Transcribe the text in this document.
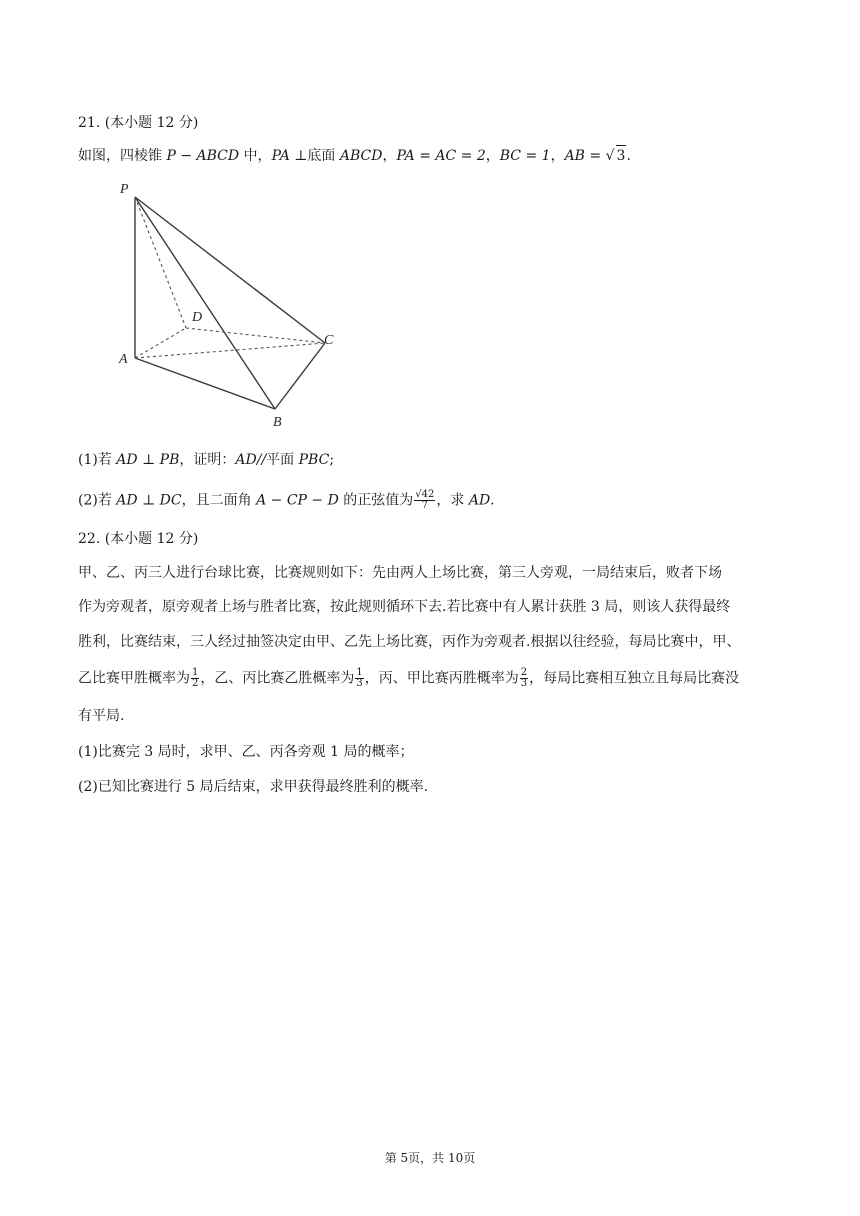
21. (本小题 12 分)
如图，四棱锥 P − ABCD 中，PA ⊥底面 ABCD，PA = AC = 2，BC = 1，AB = √ 3.
P
D
C
A
B
(1)若 AD ⊥ PB，证明：AD//平面 PBC;
(2)若 AD ⊥ DC，且二面角 A − CP − D 的正弦值为 $\frac{√42}{7}$ ，求 AD.
22. (本小题 12 分)
甲、乙、丙三人进行台球比赛，比赛规则如下：先由两人上场比赛，第三人旁观，一局结束后，败者下场
作为旁观者，原旁观者上场与胜者比赛，按此规则循环下去.若比赛中有人累计获胜 3 局，则该人获得最终
胜利，比赛结束，三人经过抽签决定由甲、乙先上场比赛，丙作为旁观者.根据以往经验，每局比赛中，甲、
乙比赛甲胜概率为 $\frac{1}{2}$ ，乙、丙比赛乙胜概率为 $\frac{1}{3}$ ，丙、甲比赛丙胜概率为 $\frac{2}{3}$ ，每局比赛相互独立且每局比赛没
有平局.
(1)比赛完 3 局时，求甲、乙、丙各旁观 1 局的概率；
(2)已知比赛进行 5 局后结束，求甲获得最终胜利的概率.
第 5页，共 10页
